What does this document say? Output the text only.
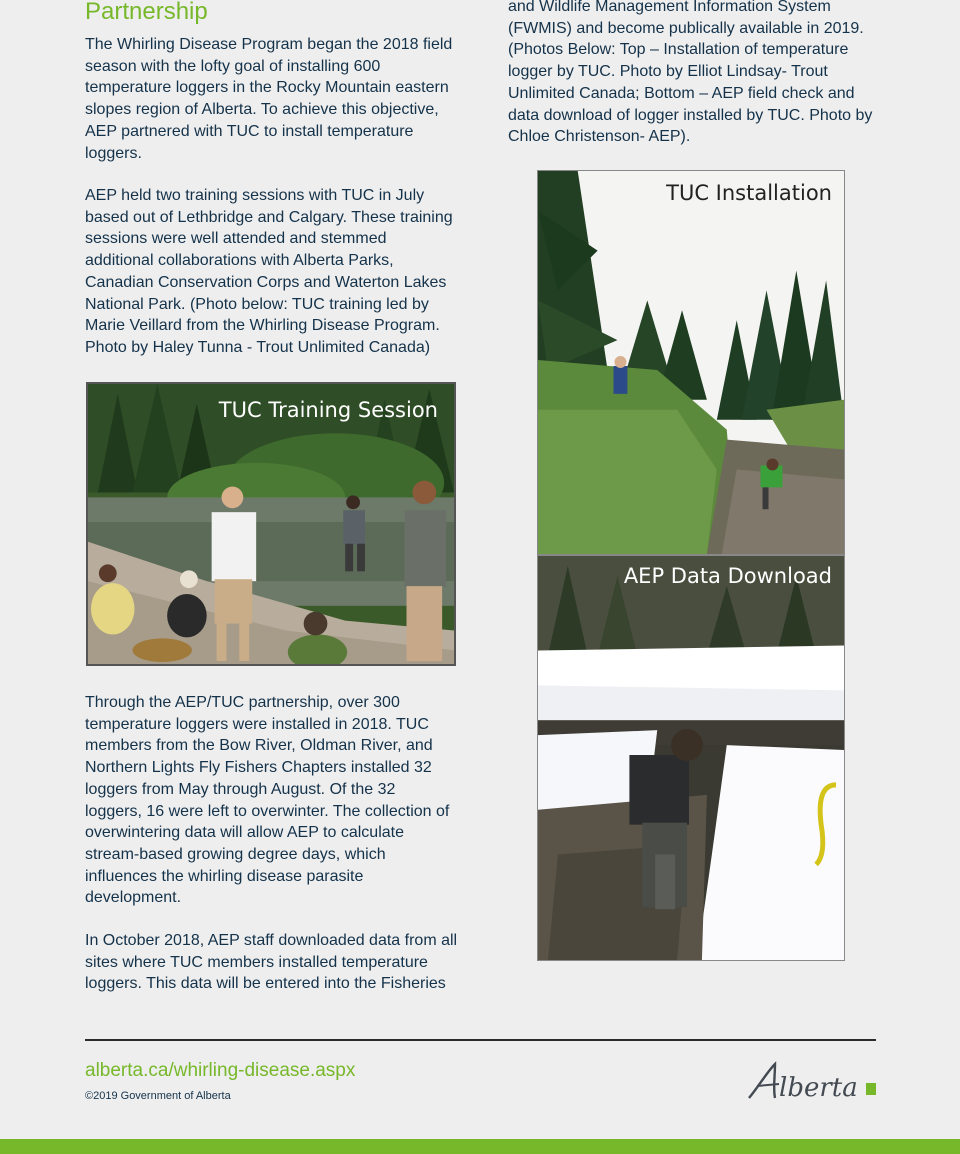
Partnership

The Whirling Disease Program began the 2018 field
season with the lofty goal of installing 600
temperature loggers in the Rocky Mountain eastern
slopes region of Alberta. To achieve this objective,
AEP partnered with TUC to install temperature
loggers.

AEP held two training sessions with TUC in July
based out of Lethbridge and Calgary. These training
sessions were well attended and stemmed
additional collaborations with Alberta Parks,
Canadian Conservation Corps and Waterton Lakes
National Park. (Photo below: TUC training led by
Marie Veillard from the Whirling Disease Program.
Photo by Haley Tunna - Trout Unlimited Canada)

TUC Training Session

Through the AEP/TUC partnership, over 300
temperature loggers were installed in 2018. TUC
members from the Bow River, Oldman River, and
Northern Lights Fly Fishers Chapters installed 32
loggers from May through August. Of the 32
loggers, 16 were left to overwinter. The collection of
overwintering data will allow AEP to calculate
stream-based growing degree days, which
influences the whirling disease parasite
development.

In October 2018, AEP staff downloaded data from all
sites where TUC members installed temperature
loggers. This data will be entered into the Fisheries

and Wildlife Management Information System
(FWMIS) and become publically available in 2019.
(Photos Below: Top – Installation of temperature
logger by TUC. Photo by Elliot Lindsay- Trout
Unlimited Canada; Bottom – AEP field check and
data download of logger installed by TUC. Photo by
Chloe Christenson- AEP).

TUC Installation
AEP Data Download
alberta.ca/whirling-disease.aspx
©2019 Government of Alberta	lberta
